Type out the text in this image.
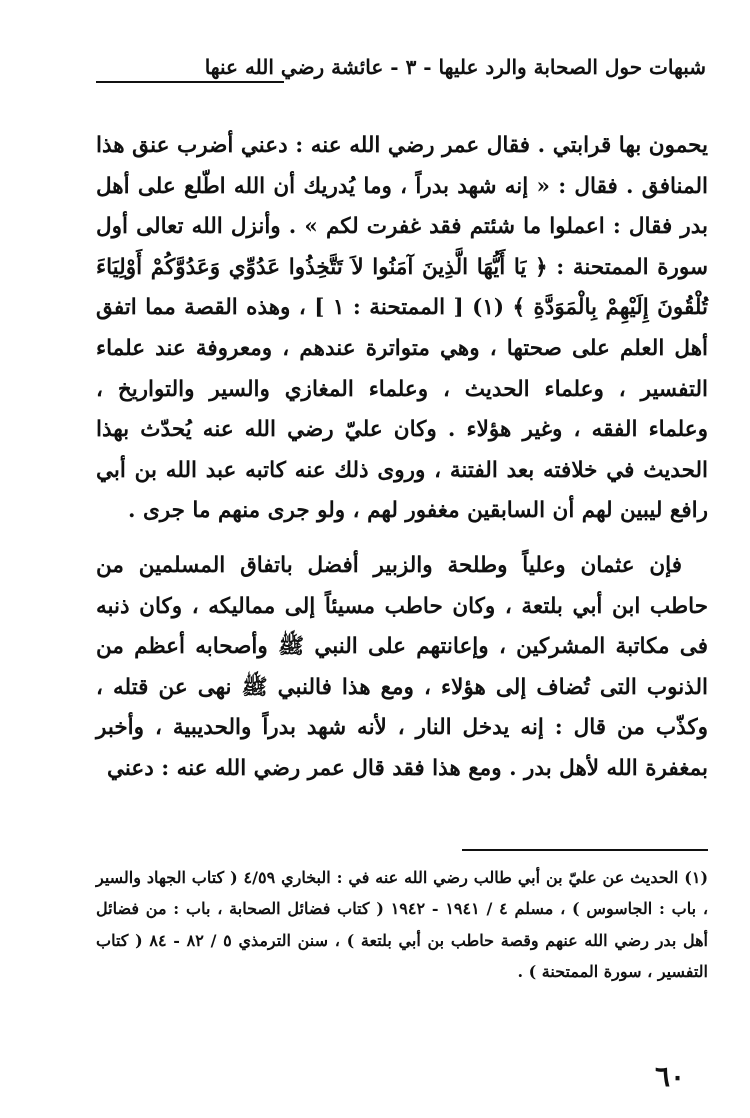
شبهات حول الصحابة والرد عليها - ٣ - عائشة رضي الله عنها

يحمون بها قرابتي . فقال عمر رضي الله عنه : دعني أضرب عنق هذا المنافق . فقال : « إنه شهد بدراً ، وما يُدريك أن الله اطّلع على أهل بدر فقال : اعملوا ما شئتم فقد غفرت لكم » . وأنزل الله تعالى أول سورة الممتحنة : ﴿ يَا أَيُّهَا الَّذِينَ آمَنُوا لاَ تَتَّخِذُوا عَدُوِّي وَعَدُوَّكُمْ أَوْلِيَاءَ تُلْقُونَ إِلَيْهِمْ بِالْمَوَدَّةِ ﴾ (١) [ الممتحنة : ١ ] ، وهذه القصة مما اتفق أهل العلم على صحتها ، وهي متواترة عندهم ، ومعروفة عند علماء التفسير ، وعلماء الحديث ، وعلماء المغازي والسير والتواريخ ، وعلماء الفقه ، وغير هؤلاء . وكان عليّ رضي الله عنه يُحدّث بهذا الحديث في خلافته بعد الفتنة ، وروى ذلك عنه كاتبه عبد الله بن أبي رافع ليبين لهم أن السابقين مغفور لهم ، ولو جرى منهم ما جرى .

فإن عثمان وعلياً وطلحة والزبير أفضل باتفاق المسلمين من حاطب ابن أبي بلتعة ، وكان حاطب مسيئاً إلى مماليكه ، وكان ذنبه فى مكاتبة المشركين ، وإعانتهم على النبي ﷺ وأصحابه أعظم من الذنوب التى تُضاف إلى هؤلاء ، ومع هذا فالنبي ﷺ نهى عن قتله ، وكذّب من قال : إنه يدخل النار ، لأنه شهد بدراً والحديبية ، وأخبر بمغفرة الله لأهل بدر . ومع هذا فقد قال عمر رضي الله عنه : دعني

(١) الحديث عن عليّ بن أبي طالب رضي الله عنه في : البخاري ٤/٥٩ ( كتاب الجهاد والسير ، باب : الجاسوس ) ، مسلم ٤ / ١٩٤١ - ١٩٤٢ ( كتاب فضائل الصحابة ، باب : من فضائل أهل بدر رضي الله عنهم وقصة حاطب بن أبي بلتعة ) ، سنن الترمذي ٥ / ٨٢ - ٨٤ ( كتاب التفسير ، سورة الممتحنة ) .

٦٠
